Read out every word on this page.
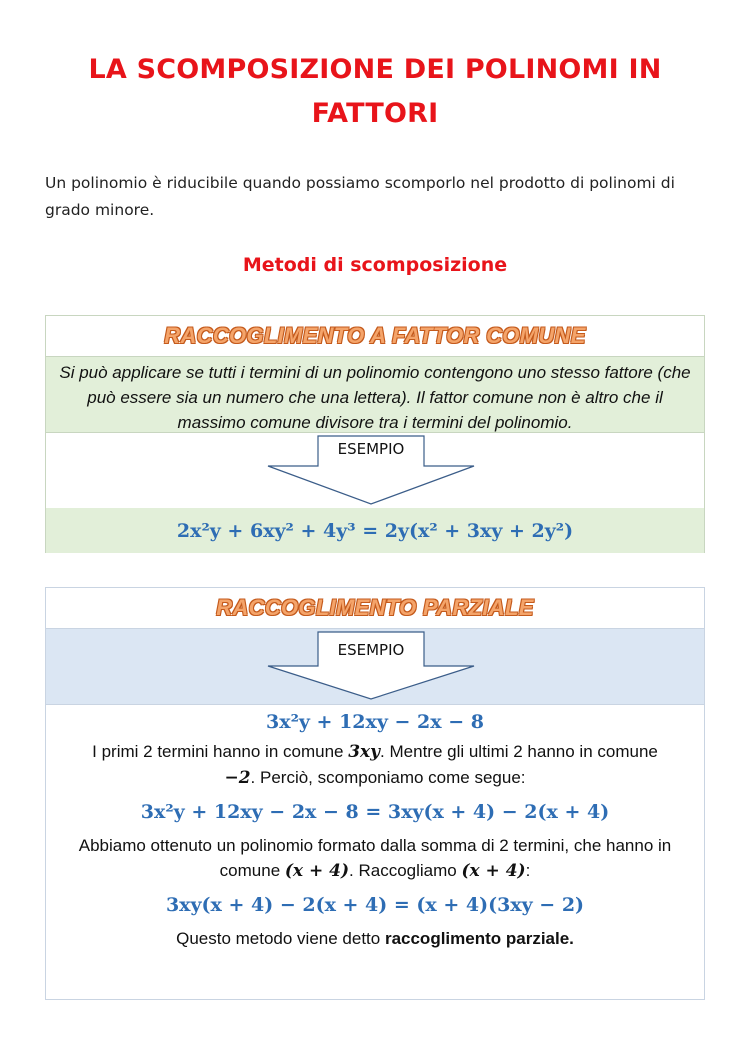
LA SCOMPOSIZIONE DEI POLINOMI IN
FATTORI
Un polinomio è riducibile quando possiamo scomporlo nel prodotto di polinomi di grado minore.
Metodi di scomposizione
RACCOGLIMENTO A FATTOR COMUNE
Si può applicare se tutti i termini di un polinomio contengono uno stesso fattore (che può essere sia un numero che una lettera). Il fattor comune non è altro che il massimo comune divisore tra i termini del polinomio.
ESEMPIO
2x²y + 6xy² + 4y³ = 2y(x² + 3xy + 2y²)
RACCOGLIMENTO PARZIALE
ESEMPIO
3x²y + 12xy − 2x − 8
I primi 2 termini hanno in comune 3xy. Mentre gli ultimi 2 hanno in comune −2. Perciò, scomponiamo come segue:
3x²y + 12xy − 2x − 8 = 3xy(x + 4) − 2(x + 4)
Abbiamo ottenuto un polinomio formato dalla somma di 2 termini, che hanno in comune (x + 4). Raccogliamo (x + 4):
3xy(x + 4) − 2(x + 4) = (x + 4)(3xy − 2)
Questo metodo viene detto raccoglimento parziale.
